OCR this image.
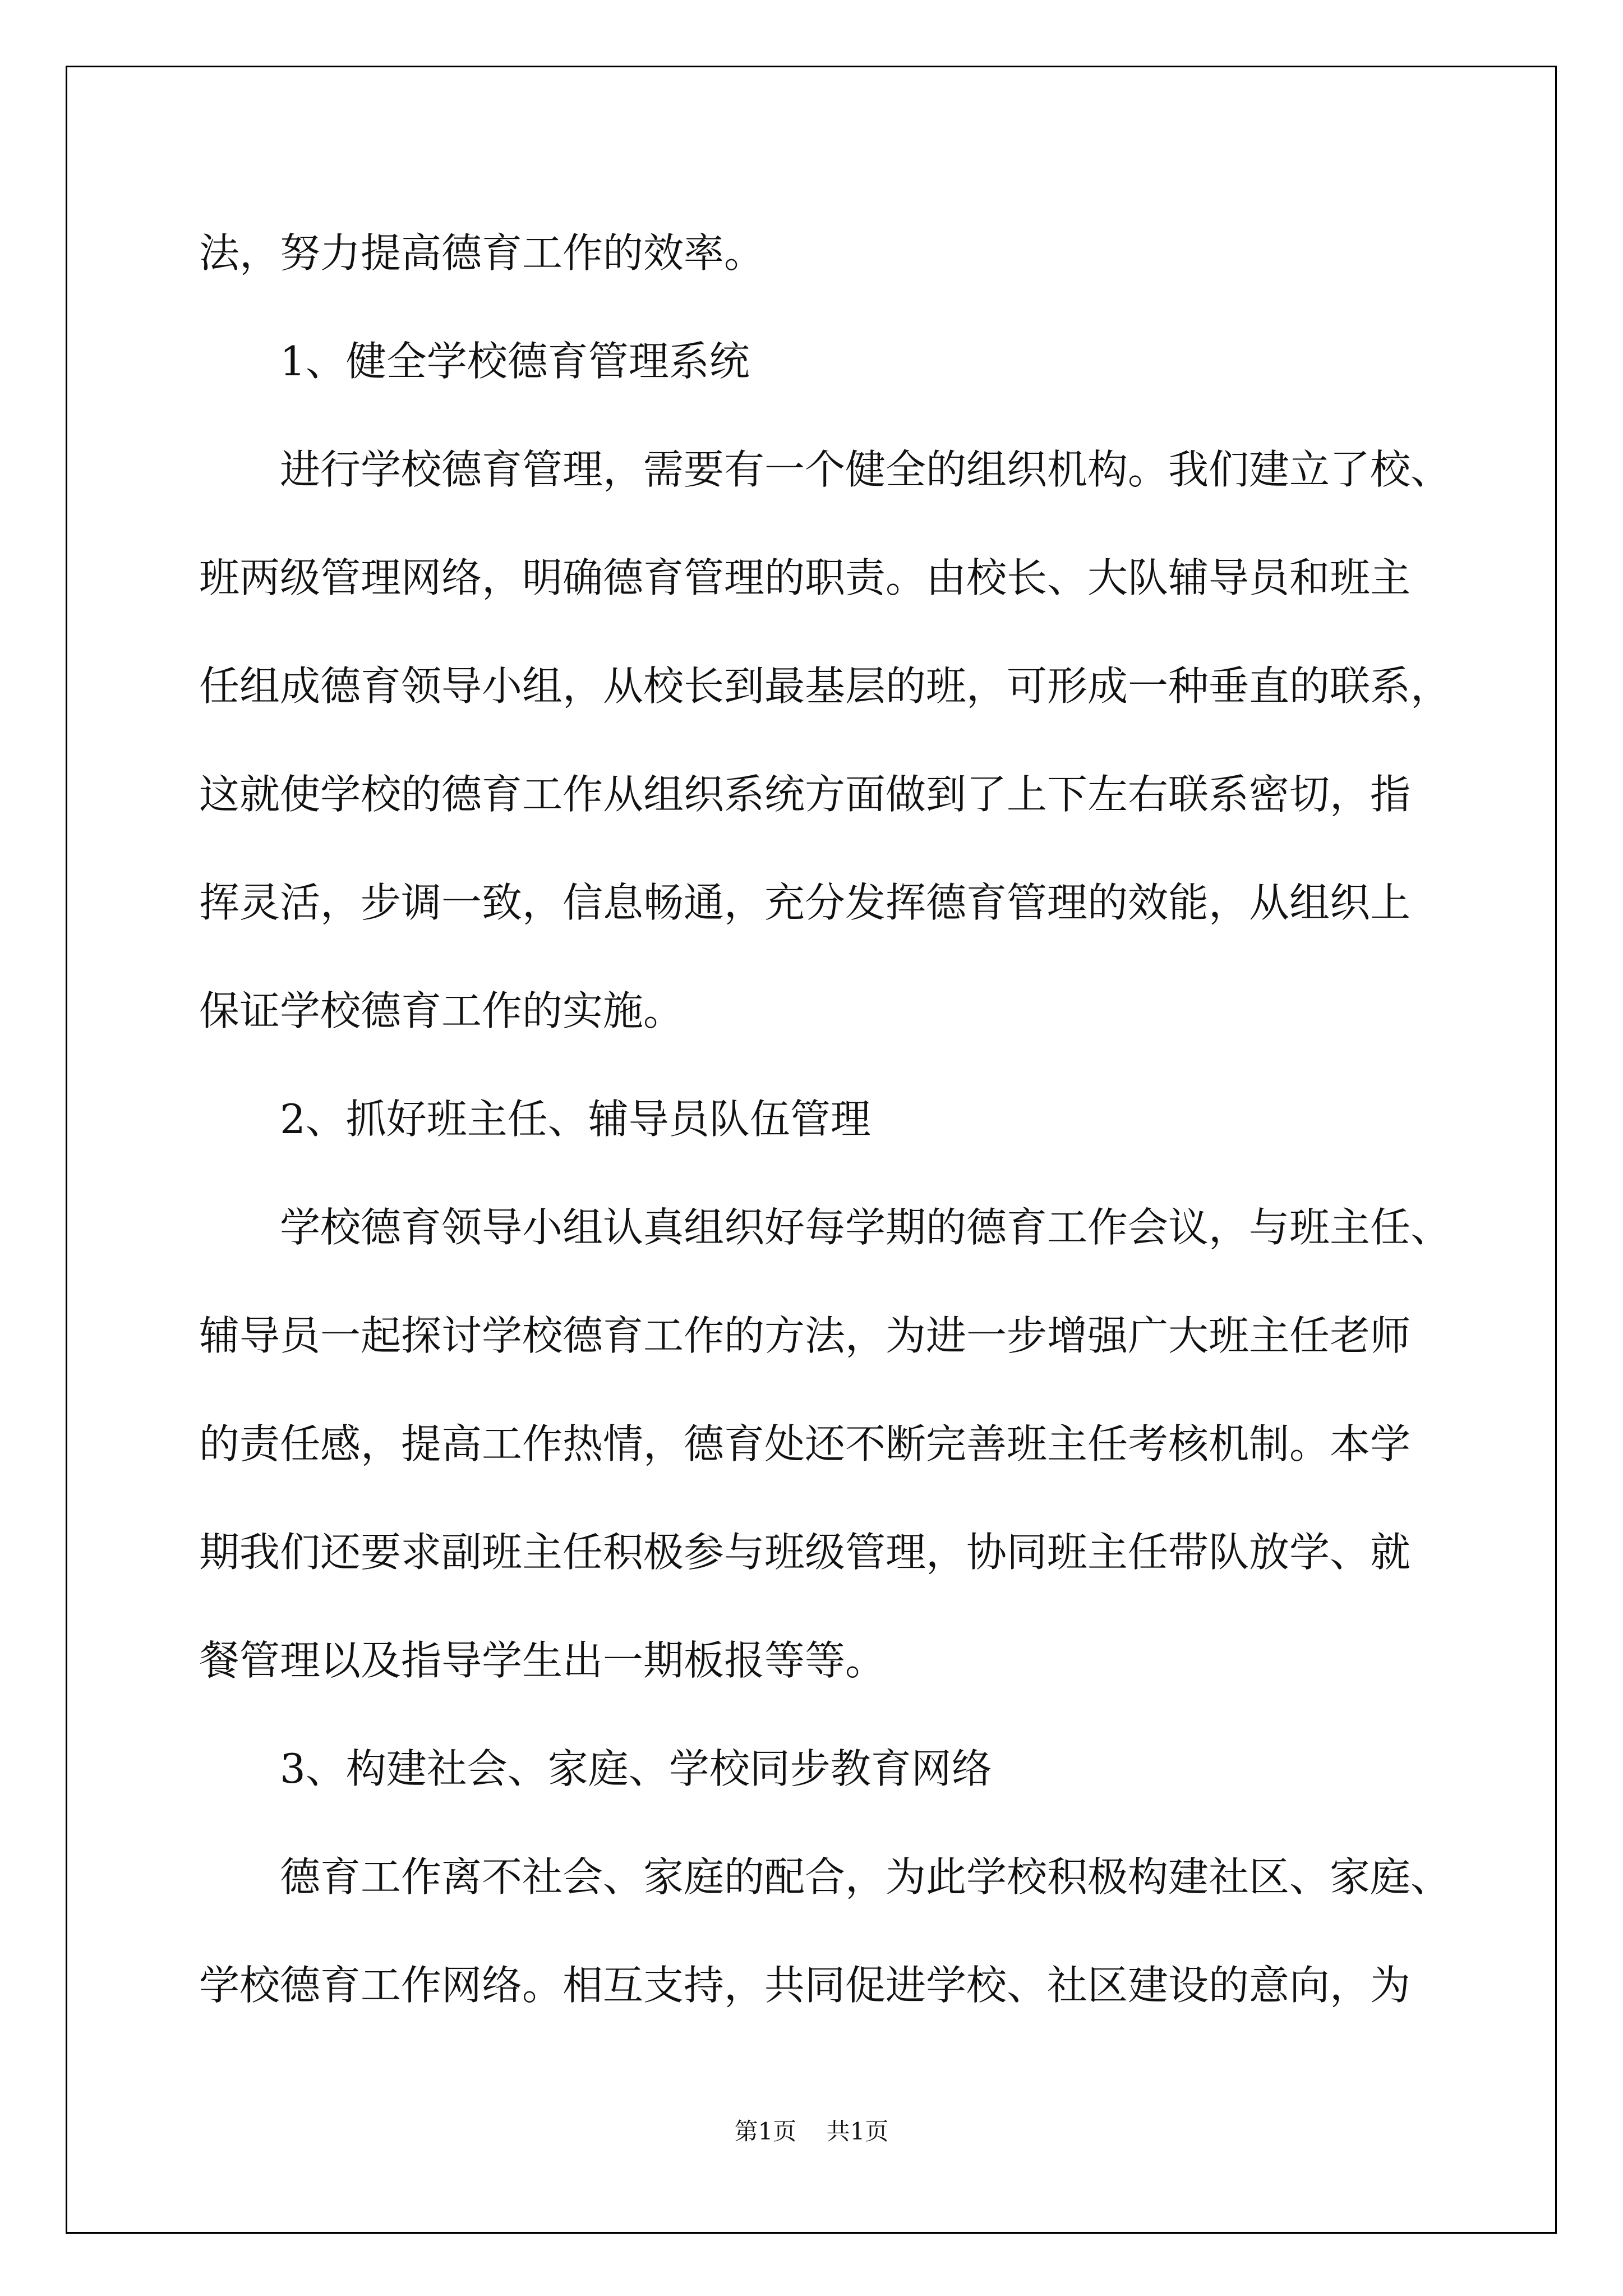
法，努力提高德育工作的效率。

1、健全学校德育管理系统

进行学校德育管理，需要有一个健全的组织机构。我们建立了校、
班两级管理网络，明确德育管理的职责。由校长、大队辅导员和班主
任组成德育领导小组，从校长到最基层的班，可形成一种垂直的联系，
这就使学校的德育工作从组织系统方面做到了上下左右联系密切，指
挥灵活，步调一致，信息畅通，充分发挥德育管理的效能，从组织上
保证学校德育工作的实施。

2、抓好班主任、辅导员队伍管理

学校德育领导小组认真组织好每学期的德育工作会议，与班主任、
辅导员一起探讨学校德育工作的方法，为进一步增强广大班主任老师
的责任感，提高工作热情，德育处还不断完善班主任考核机制。本学
期我们还要求副班主任积极参与班级管理，协同班主任带队放学、就
餐管理以及指导学生出一期板报等等。

3、构建社会、家庭、学校同步教育网络

德育工作离不社会、家庭的配合，为此学校积极构建社区、家庭、
学校德育工作网络。相互支持，共同促进学校、社区建设的意向，为
第1页 共1页
